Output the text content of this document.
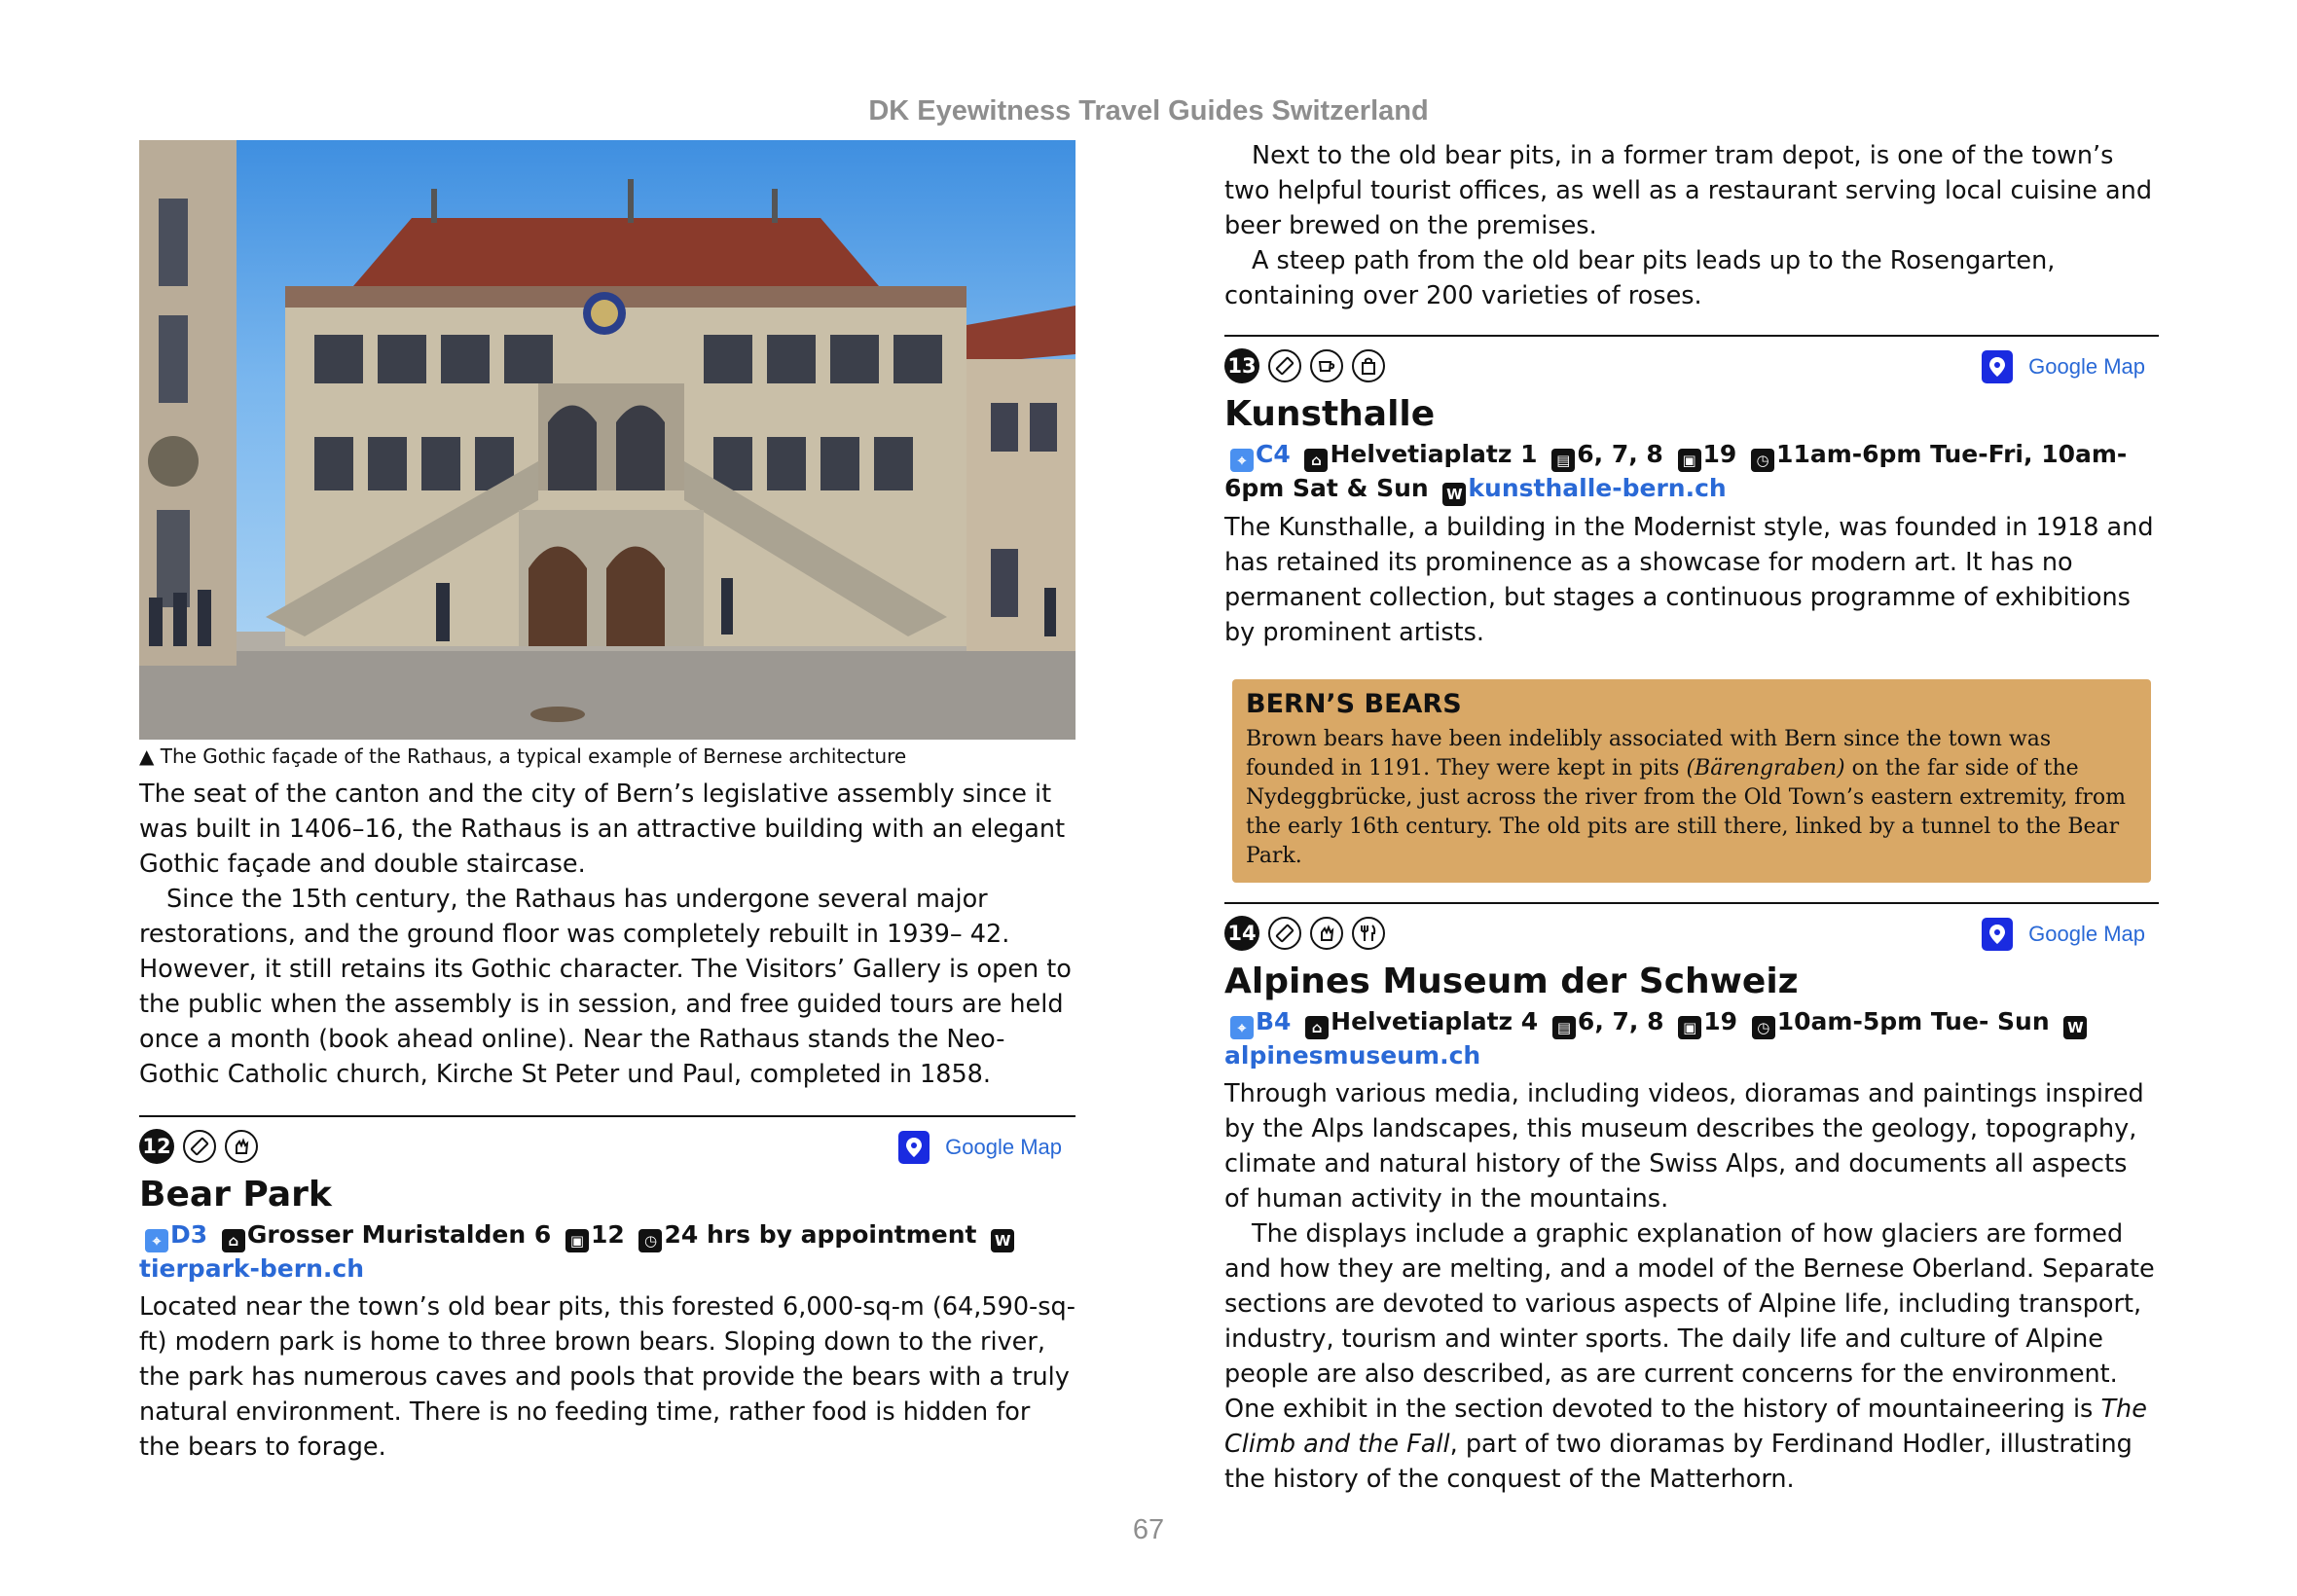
DK Eyewitness Travel Guides Switzerland
▲ The Gothic façade of the Rathaus, a typical example of Bernese architecture

The seat of the canton and the city of Bern’s legislative assembly since it was built in 1406–16, the Rathaus is an attractive building with an elegant Gothic façade and double staircase.

Since the 15th century, the Rathaus has undergone several major restorations, and the ground floor was completely rebuilt in 1939– 42. However, it still retains its Gothic character. The Visitors’ Gallery is open to the public when the assembly is in session, and free guided tours are held once a month (book ahead online). Near the Rathaus stands the Neo-Gothic Catholic church, Kirche St Peter und Paul, completed in 1858.

12
	Google Map
Bear Park
⌖ D3 ⌂ Grosser Muristalden 6 ▣ 12 ◷ 24 hrs by appointment Wtierpark-bern.ch

Located near the town’s old bear pits, this forested 6,000-sq-m (64,590-sq-ft) modern park is home to three brown bears. Sloping down to the river, the park has numerous caves and pools that provide the bears with a truly natural environment. There is no feeding time, rather food is hidden for the bears to forage.

Next to the old bear pits, in a former tram depot, is one of the town’s two helpful tourist offices, as well as a restaurant serving local cuisine and beer brewed on the premises.

A steep path from the old bear pits leads up to the Rosengarten, containing over 200 varieties of roses.

13

	Google Map
Kunsthalle
⌖ C4 ⌂ Helvetiaplatz 1 ▤ 6, 7, 8 ▣ 19 ◷ 11am-6pm Tue-Fri, 10am-6pm Sat & Sun W kunsthalle-bern.ch

The Kunsthalle, a building in the Modernist style, was founded in 1918 and has retained its prominence as a showcase for modern art. It has no permanent collection, but stages a continuous programme of exhibitions by prominent artists.

BERN’S BEARS

Brown bears have been indelibly associated with Bern since the town was founded in 1191. They were kept in pits (Bärengraben) on the far side of the Nydeggbrücke, just across the river from the Old Town’s eastern extremity, from the early 16th century. The old pits are still there, linked by a tunnel to the Bear Park.

14

	Google Map
Alpines Museum der Schweiz
⌖ B4 ⌂ Helvetiaplatz 4 ▤ 6, 7, 8 ▣ 19 ◷ 10am-5pm Tue- Sun Walpinesmuseum.ch

Through various media, including videos, dioramas and paintings inspired by the Alps landscapes, this museum describes the geology, topography, climate and natural history of the Swiss Alps, and documents all aspects of human activity in the mountains.

The displays include a graphic explanation of how glaciers are formed and how they are melting, and a model of the Bernese Oberland. Separate sections are devoted to various aspects of Alpine life, including transport, industry, tourism and winter sports. The daily life and culture of Alpine people are also described, as are current concerns for the environment. One exhibit in the section devoted to the history of mountaineering is The Climb and the Fall, part of two dioramas by Ferdinand Hodler, illustrating the history of the conquest of the Matterhorn.

67
